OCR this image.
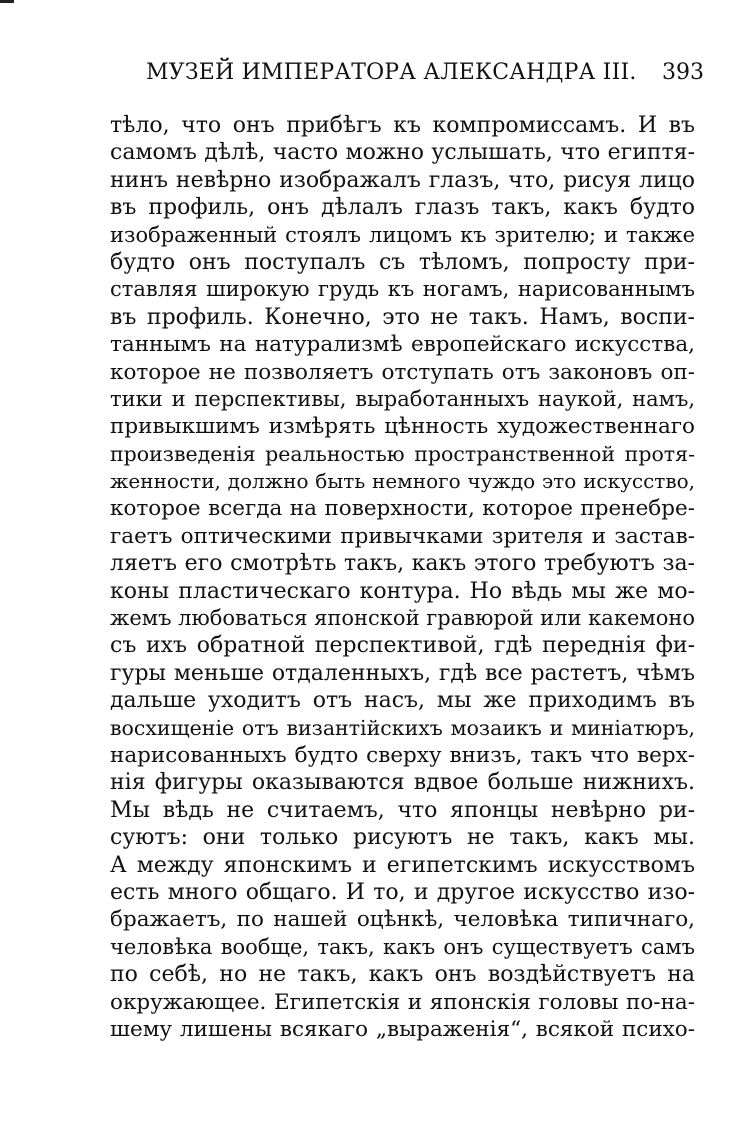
МУЗЕЙ ИМПЕРАТОРА АЛЕКСАНДРА III. 393
тѣло, что онъ прибѣгъ къ компромиссамъ. И въ
самомъ дѣлѣ, часто можно услышать, что египтя-
нинъ невѣрно изображалъ глазъ, что, рисуя лицо
въ профиль, онъ дѣлалъ глазъ такъ, какъ будто
изображенный стоялъ лицомъ къ зрителю; и также
будто онъ поступалъ съ тѣломъ, попросту при-
ставляя широкую грудь къ ногамъ, нарисованнымъ
въ профиль. Конечно, это не такъ. Намъ, воспи-
таннымъ на натурализмѣ европейскаго искусства,
которое не позволяетъ отступать отъ законовъ оп-
тики и перспективы, выработанныхъ наукой, намъ,
привыкшимъ измѣрять цѣнность художественнаго
произведенія реальностью пространственной протя-
женности, должно быть немного чуждо это искусство,
которое всегда на поверхности, которое пренебре-
гаетъ оптическими привычками зрителя и застав-
ляетъ его смотрѣть такъ, какъ этого требуютъ за-
коны пластическаго контура. Но вѣдь мы же мо-
жемъ любоваться японской гравюрой или какемоно
съ ихъ обратной перспективой, гдѣ переднія фи-
гуры меньше отдаленныхъ, гдѣ все растетъ, чѣмъ
дальше уходитъ отъ насъ, мы же приходимъ въ
восхищеніе отъ византійскихъ мозаикъ и миніатюръ,
нарисованныхъ будто сверху внизъ, такъ что верх-
нія фигуры оказываются вдвое больше нижнихъ.
Мы вѣдь не считаемъ, что японцы невѣрно ри-
суютъ: они только рисуютъ не такъ, какъ мы.
А между японскимъ и египетскимъ искусствомъ
есть много общаго. И то, и другое искусство изо-
бражаетъ, по нашей оцѣнкѣ, человѣка типичнаго,
человѣка вообще, такъ, какъ онъ существуетъ самъ
по себѣ, но не такъ, какъ онъ воздѣйствуетъ на
окружающее. Египетскія и японскія головы по-на-
шему лишены всякаго „выраженія“, всякой психо-
